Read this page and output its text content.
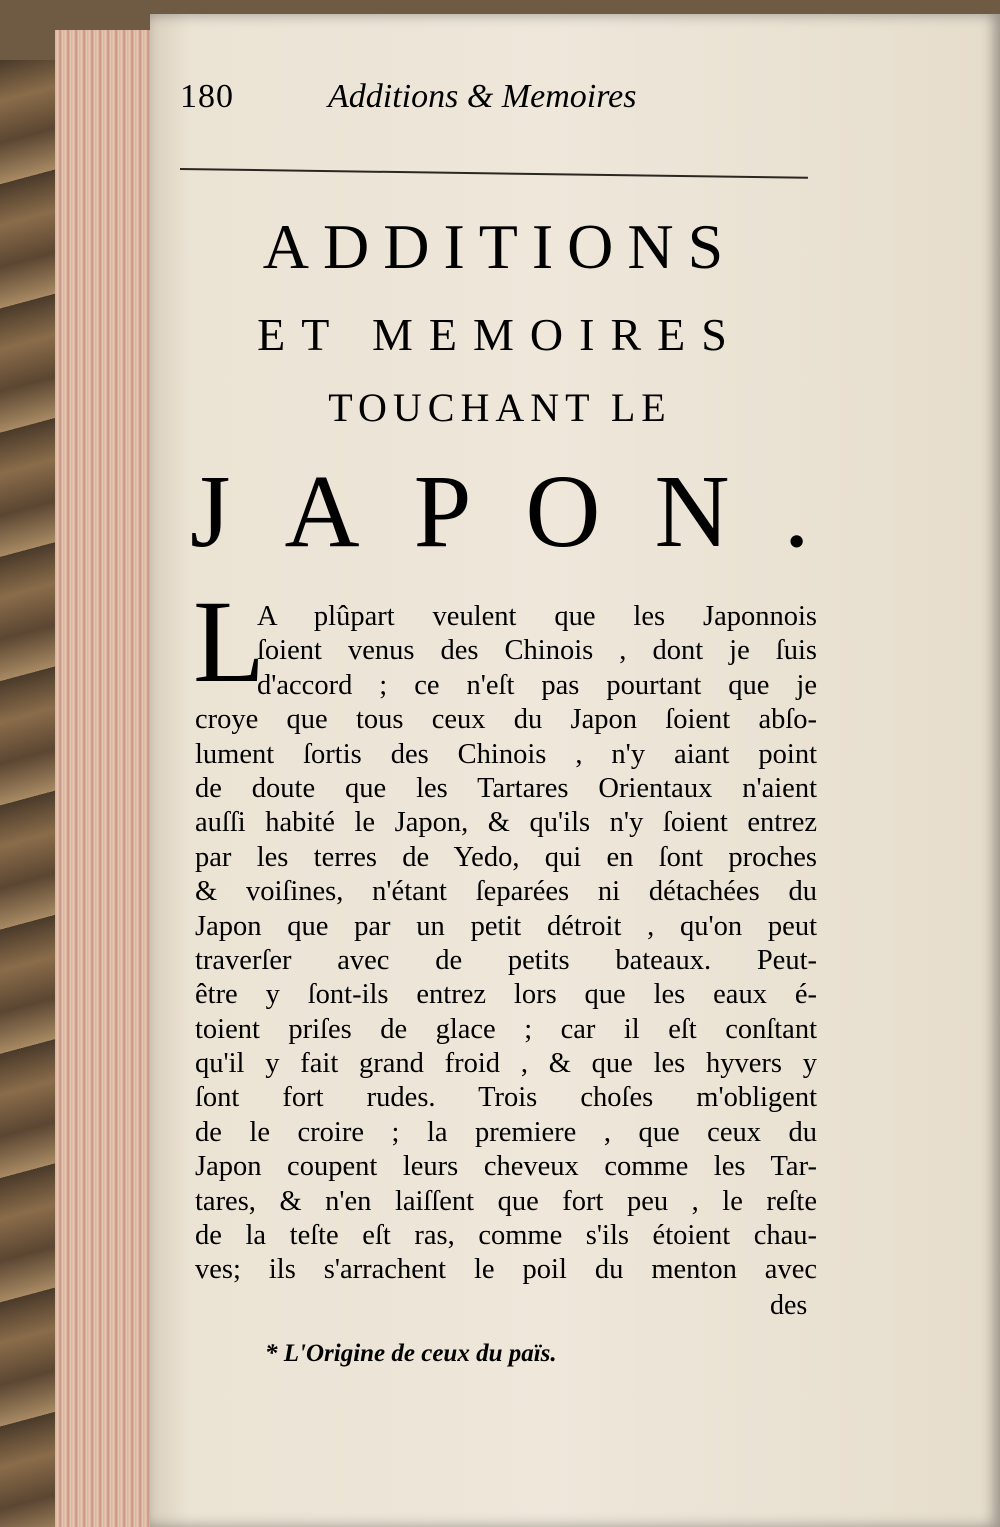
180	Additions & Memoires
ADDITIONS
ET MEMOIRES
TOUCHANT LE
JAPON.
L
A plûpart veulent que les Japonnois
ſoient venus des Chinois , dont je ſuis
d'accord ; ce n'eſt pas pourtant que je
croye que tous ceux du Japon ſoient abſo-
lument ſortis des Chinois , n'y aiant point
de doute que les Tartares Orientaux n'aient
auſſi habité le Japon, & qu'ils n'y ſoient entrez
par les terres de Yedo, qui en ſont proches
& voiſines, n'étant ſeparées ni détachées du
Japon que par un petit détroit , qu'on peut
traverſer avec de petits bateaux. Peut-
être y ſont-ils entrez lors que les eaux é-
toient priſes de glace ; car il eſt conſtant
qu'il y fait grand froid , & que les hyvers y
ſont fort rudes. Trois choſes m'obligent
de le croire ; la premiere , que ceux du
Japon coupent leurs cheveux comme les Tar-
tares, & n'en laiſſent que fort peu , le reſte
de la teſte eſt ras, comme s'ils étoient chau-
ves; ils s'arrachent le poil du menton avec
des
* L'Origine de ceux du païs.
